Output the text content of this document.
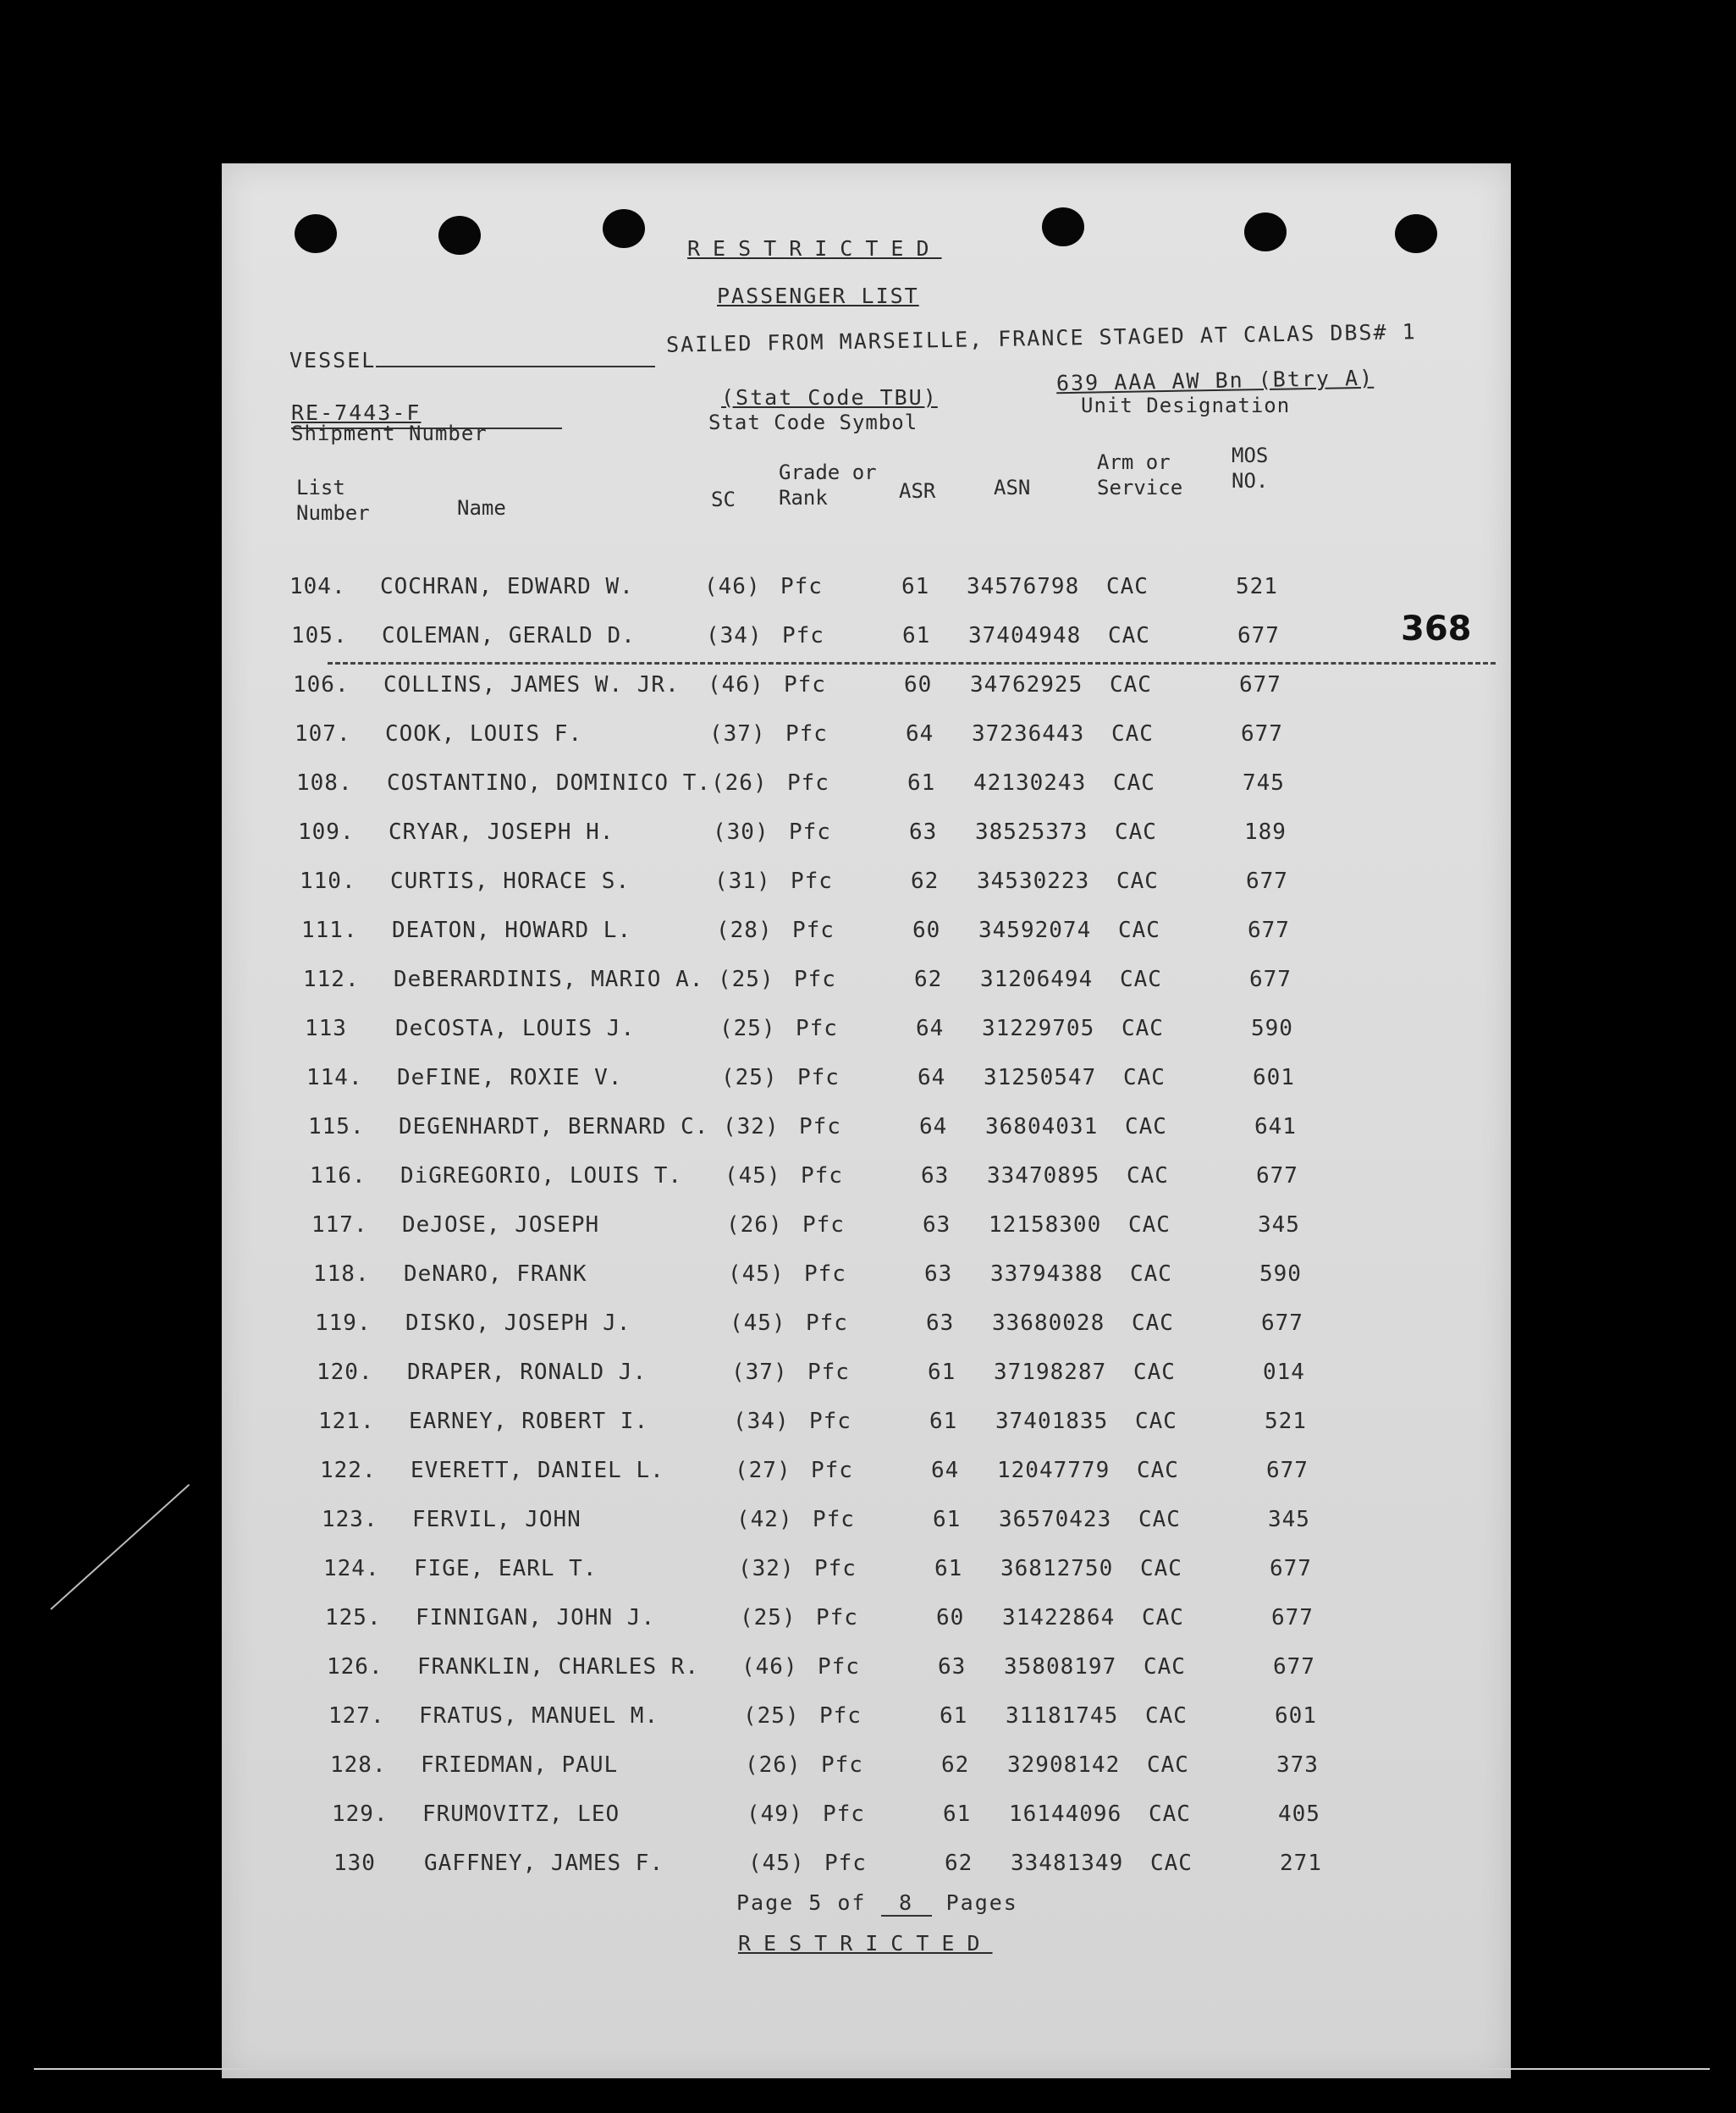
RESTRICTED
PASSENGER LIST
VESSEL
SAILED FROM MARSEILLE, FRANCE STAGED AT CALAS DBS# 1
RE-7443-F
Shipment Number
(Stat Code TBU)
Stat Code Symbol
639 AAA AW Bn (Btry A)
Unit Designation
List
Number	Name	SC
Grade or
Rank	ASR	ASN
Arm or
Service
MOS
NO.
104. COCHRAN, EDWARD W.	(46) Pfc	61 34576798 CAC	521
105. COLEMAN, GERALD D.	(34) Pfc	61 37404948 CAC	677
106. COLLINS, JAMES W. JR. (46) Pfc	60 34762925 CAC	677
107. COOK, LOUIS F.	(37) Pfc	64 37236443 CAC	677
108. COSTANTINO, DOMINICO T. (26) Pfc	61 42130243 CAC	745
109. CRYAR, JOSEPH H.	(30) Pfc	63 38525373 CAC	189
110. CURTIS, HORACE S.	(31) Pfc	62 34530223 CAC	677
111. DEATON, HOWARD L.	(28) Pfc	60 34592074 CAC	677
112. DeBERARDINIS, MARIO A. (25) Pfc	62 31206494 CAC	677
113 DeCOSTA, LOUIS J.	(25) Pfc	64 31229705 CAC	590
114. DeFINE, ROXIE V.	(25) Pfc	64 31250547 CAC	601
115. DEGENHARDT, BERNARD C. (32) Pfc	64 36804031 CAC	641
116. DiGREGORIO, LOUIS T. (45) Pfc	63 33470895 CAC	677
117. DeJOSE, JOSEPH	(26) Pfc	63 12158300 CAC	345
118. DeNARO, FRANK	(45) Pfc	63 33794388 CAC	590
119. DISKO, JOSEPH J.	(45) Pfc	63 33680028 CAC	677
120. DRAPER, RONALD J.	(37) Pfc	61 37198287 CAC	014
121. EARNEY, ROBERT I.	(34) Pfc	61 37401835 CAC	521
122. EVERETT, DANIEL L.	(27) Pfc	64 12047779 CAC	677
123. FERVIL, JOHN	(42) Pfc	61 36570423 CAC	345
124. FIGE, EARL T.	(32) Pfc	61 36812750 CAC	677
125. FINNIGAN, JOHN J.	(25) Pfc	60 31422864 CAC	677
126. FRANKLIN, CHARLES R. (46) Pfc	63 35808197 CAC	677
127. FRATUS, MANUEL M.	(25) Pfc	61 31181745 CAC	601
128. FRIEDMAN, PAUL	(26) Pfc	62 32908142 CAC	373
129. FRUMOVITZ, LEO	(49) Pfc	61 16144096 CAC	405
130 GAFFNEY, JAMES F.	(45) Pfc	62 33481349 CAC	271
Page 5 of 8 Pages
RESTRICTED
368
